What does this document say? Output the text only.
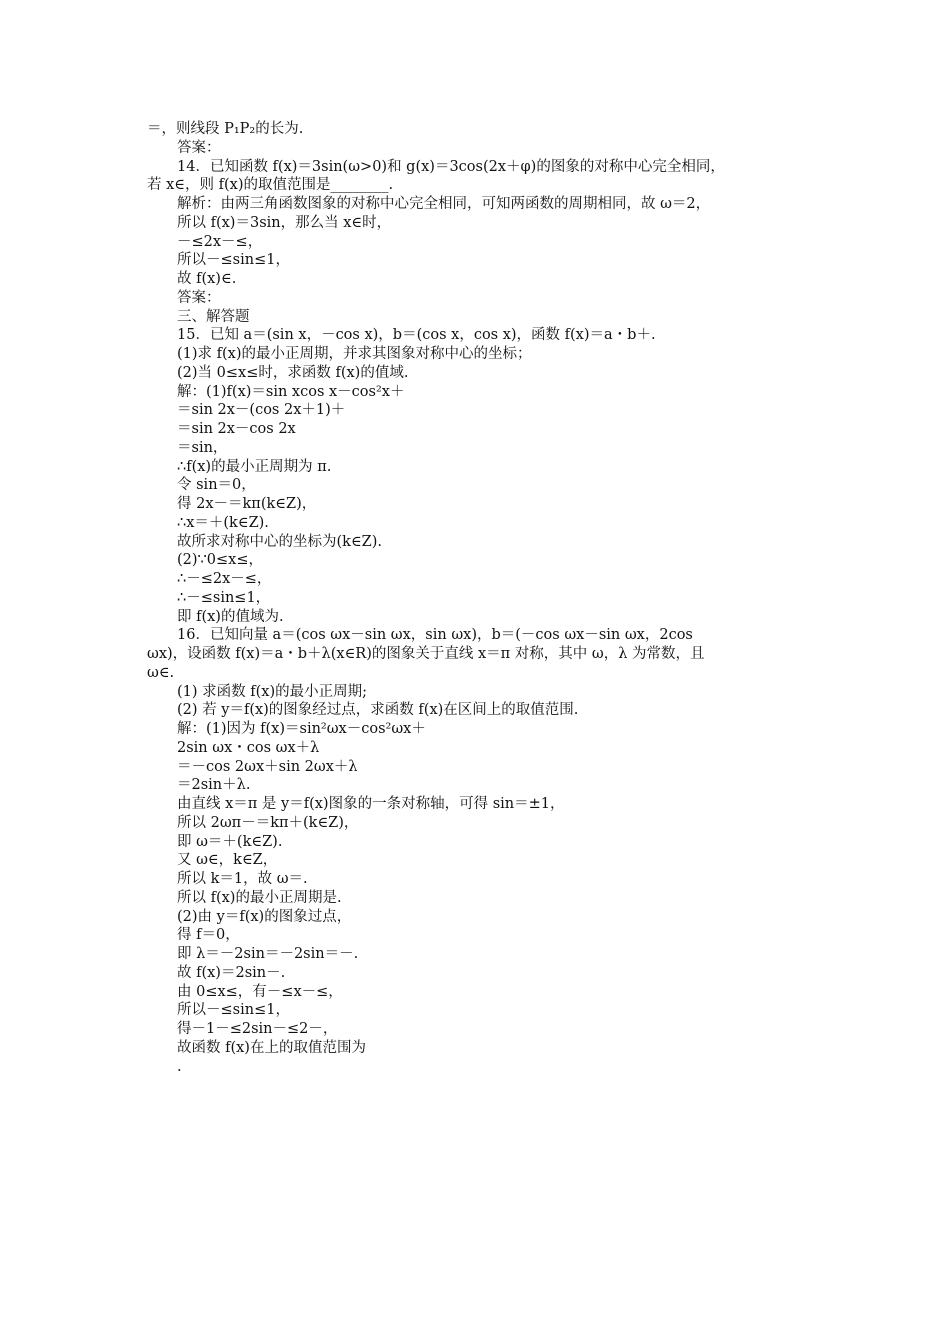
＝，则线段 P₁P₂的长为.
答案：
14．已知函数 f(x)＝3sin(ω>0)和 g(x)＝3cos(2x＋φ)的图象的对称中心完全相同，
若 x∈，则 f(x)的取值范围是________.
解析：由两三角函数图象的对称中心完全相同，可知两函数的周期相同，故 ω＝2，
所以 f(x)＝3sin，那么当 x∈时，
－≤2x－≤，
所以－≤sin≤1，
故 f(x)∈.
答案：
三、解答题
15．已知 a＝(sin x，－cos x)，b＝(cos x，cos x)，函数 f(x)＝a・b＋.
(1)求 f(x)的最小正周期，并求其图象对称中心的坐标；
(2)当 0≤x≤时，求函数 f(x)的值域.
解：(1)f(x)＝sin xcos x－cos²x＋
＝sin 2x－(cos 2x＋1)＋
＝sin 2x－cos 2x
＝sin，
∴f(x)的最小正周期为 π.
令 sin＝0，
得 2x－＝kπ(k∈Z)，
∴x＝＋(k∈Z).
故所求对称中心的坐标为(k∈Z).
(2)∵0≤x≤，
∴－≤2x－≤，
∴－≤sin≤1，
即 f(x)的值域为.
16．已知向量 a＝(cos ωx－sin ωx，sin ωx)，b＝(－cos ωx－sin ωx，2cos
ωx)，设函数 f(x)＝a・b＋λ(x∈R)的图象关于直线 x＝π 对称，其中 ω，λ 为常数，且
ω∈.
(1) 求函数 f(x)的最小正周期;
(2) 若 y＝f(x)的图象经过点，求函数 f(x)在区间上的取值范围.
解：(1)因为 f(x)＝sin²ωx－cos²ωx＋
2sin ωx・cos ωx＋λ
＝－cos 2ωx＋sin 2ωx＋λ
＝2sin＋λ.
由直线 x＝π 是 y＝f(x)图象的一条对称轴，可得 sin＝±1，
所以 2ωπ－＝kπ＋(k∈Z)，
即 ω＝＋(k∈Z).
又 ω∈，k∈Z，
所以 k＝1，故 ω＝.
所以 f(x)的最小正周期是.
(2)由 y＝f(x)的图象过点，
得 f＝0，
即 λ＝－2sin＝－2sin＝－.
故 f(x)＝2sin－.
由 0≤x≤，有－≤x－≤，
所以－≤sin≤1，
得－1－≤2sin－≤2－，
故函数 f(x)在上的取值范围为
.
